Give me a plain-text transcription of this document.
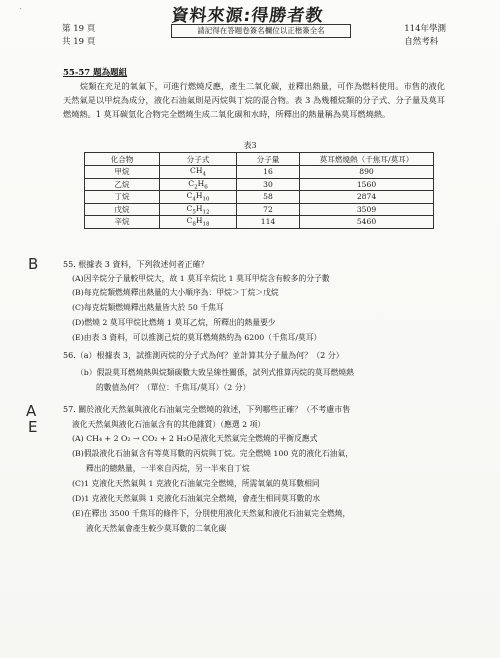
˙	資料來源:得勝者教
第 19 頁
共 19 頁
請記得在答題卷簽名欄位以正楷簽全名	114年學測
自然考科
55-57 題為題組
烷類在充足的氧氣下，可進行燃燒反應，產生二氧化碳，並釋出熱量，可作為燃料使用。市售的液化天然氣是以甲烷為成分，液化石油氣則是丙烷與丁烷的混合物。表 3 為幾種烷類的分子式、分子量及莫耳燃燒熱。1 莫耳碳氫化合物完全燃燒生成二氧化碳和水時，所釋出的熱量稱為莫耳燃燒熱。
表3
化合物	分子式	分子量	莫耳燃燒熱（千焦耳/莫耳）
甲烷	$CH_4$	16	890
乙烷	$C_2H_6$	30	1560
丁烷	$C_4H_{10}$	58	2874
戊烷	$C_5H_{12}$	72	3509
辛烷	$C_8H_{18}$	114	5460
B	55. 根據表 3 資料，下列敘述何者正確？
(A)因辛烷分子量較甲烷大，故 1 莫耳辛烷比 1 莫耳甲烷含有較多的分子數
(B)每克烷類燃燒釋出熱量的大小順序為：甲烷＞丁烷＞戊烷
(C)每克烷類燃燒釋出熱量皆大於 50 千焦耳
(D)燃燒 2 莫耳甲烷比燃燒 1 莫耳乙烷，所釋出的熱量要少
(E)由表 3 資料，可以推測己烷的莫耳燃燒熱約為 6200（千焦耳/莫耳）
56.（a）根據表 3，試推測丙烷的分子式為何？並計算其分子量為何？（2 分）
（b）假設莫耳燃燒熱與烷類碳數大致呈線性關係，試列式推算丙烷的莫耳燃燒熱
的數值為何？（單位：千焦耳/莫耳）（2 分）
A
E
57. 關於液化天然氣與液化石油氣完全燃燒的敘述，下列哪些正確？（不考慮市售
液化天然氣與液化石油氣含有的其他雜質）（應選 2 項）
(A) CH₄ + 2 O₂ → CO₂ + 2 H₂O是液化天然氣完全燃燒的平衡反應式
(B)假設液化石油氣含有等莫耳數的丙烷與丁烷。完全燃燒 100 克的液化石油氣，
釋出的總熱量，一半來自丙烷，另一半來自丁烷
(C)1 克液化天然氣與 1 克液化石油氣完全燃燒，所需氧氣的莫耳數相同
(D)1 克液化天然氣與 1 克液化石油氣完全燃燒，會產生相同莫耳數的水
(E)在釋出 3500 千焦耳的條件下，分別使用液化天然氣和液化石油氣完全燃燒，
液化天然氣會產生較少莫耳數的二氧化碳
